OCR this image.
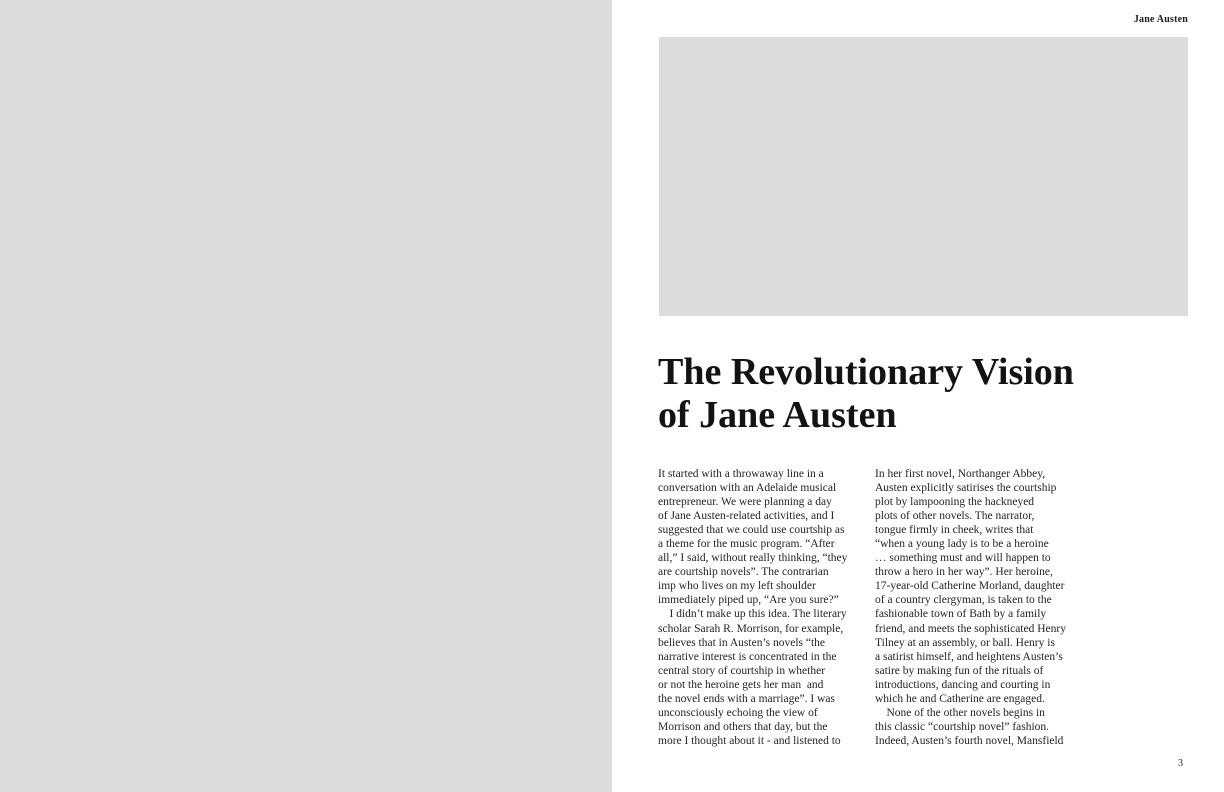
Jane Austen
The Revolutionary Vision
of Jane Austen
It started with a throwaway line in a
conversation with an Adelaide musical
entrepreneur. We were planning a day
of Jane Austen-related activities, and I
suggested that we could use courtship as
a theme for the music program. “After
all,” I said, without really thinking, “they
are courtship novels”. The contrarian
imp who lives on my left shoulder
immediately piped up, “Are you sure?”
 I didn’t make up this idea. The literary
scholar Sarah R. Morrison, for example,
believes that in Austen’s novels “the
narrative interest is concentrated in the
central story of courtship in whether
or not the heroine gets her man  and
the novel ends with a marriage”. I was
unconsciously echoing the view of
Morrison and others that day, but the
more I thought about it - and listened to
In her first novel, Northanger Abbey,
Austen explicitly satirises the courtship
plot by lampooning the hackneyed
plots of other novels. The narrator,
tongue firmly in cheek, writes that
“when a young lady is to be a heroine
… something must and will happen to
throw a hero in her way”. Her heroine,
17-year-old Catherine Morland, daughter
of a country clergyman, is taken to the
fashionable town of Bath by a family
friend, and meets the sophisticated Henry
Tilney at an assembly, or ball. Henry is
a satirist himself, and heightens Austen’s
satire by making fun of the rituals of
introductions, dancing and courting in
which he and Catherine are engaged.
 None of the other novels begins in
this classic “courtship novel” fashion.
Indeed, Austen’s fourth novel, Mansfield
3
